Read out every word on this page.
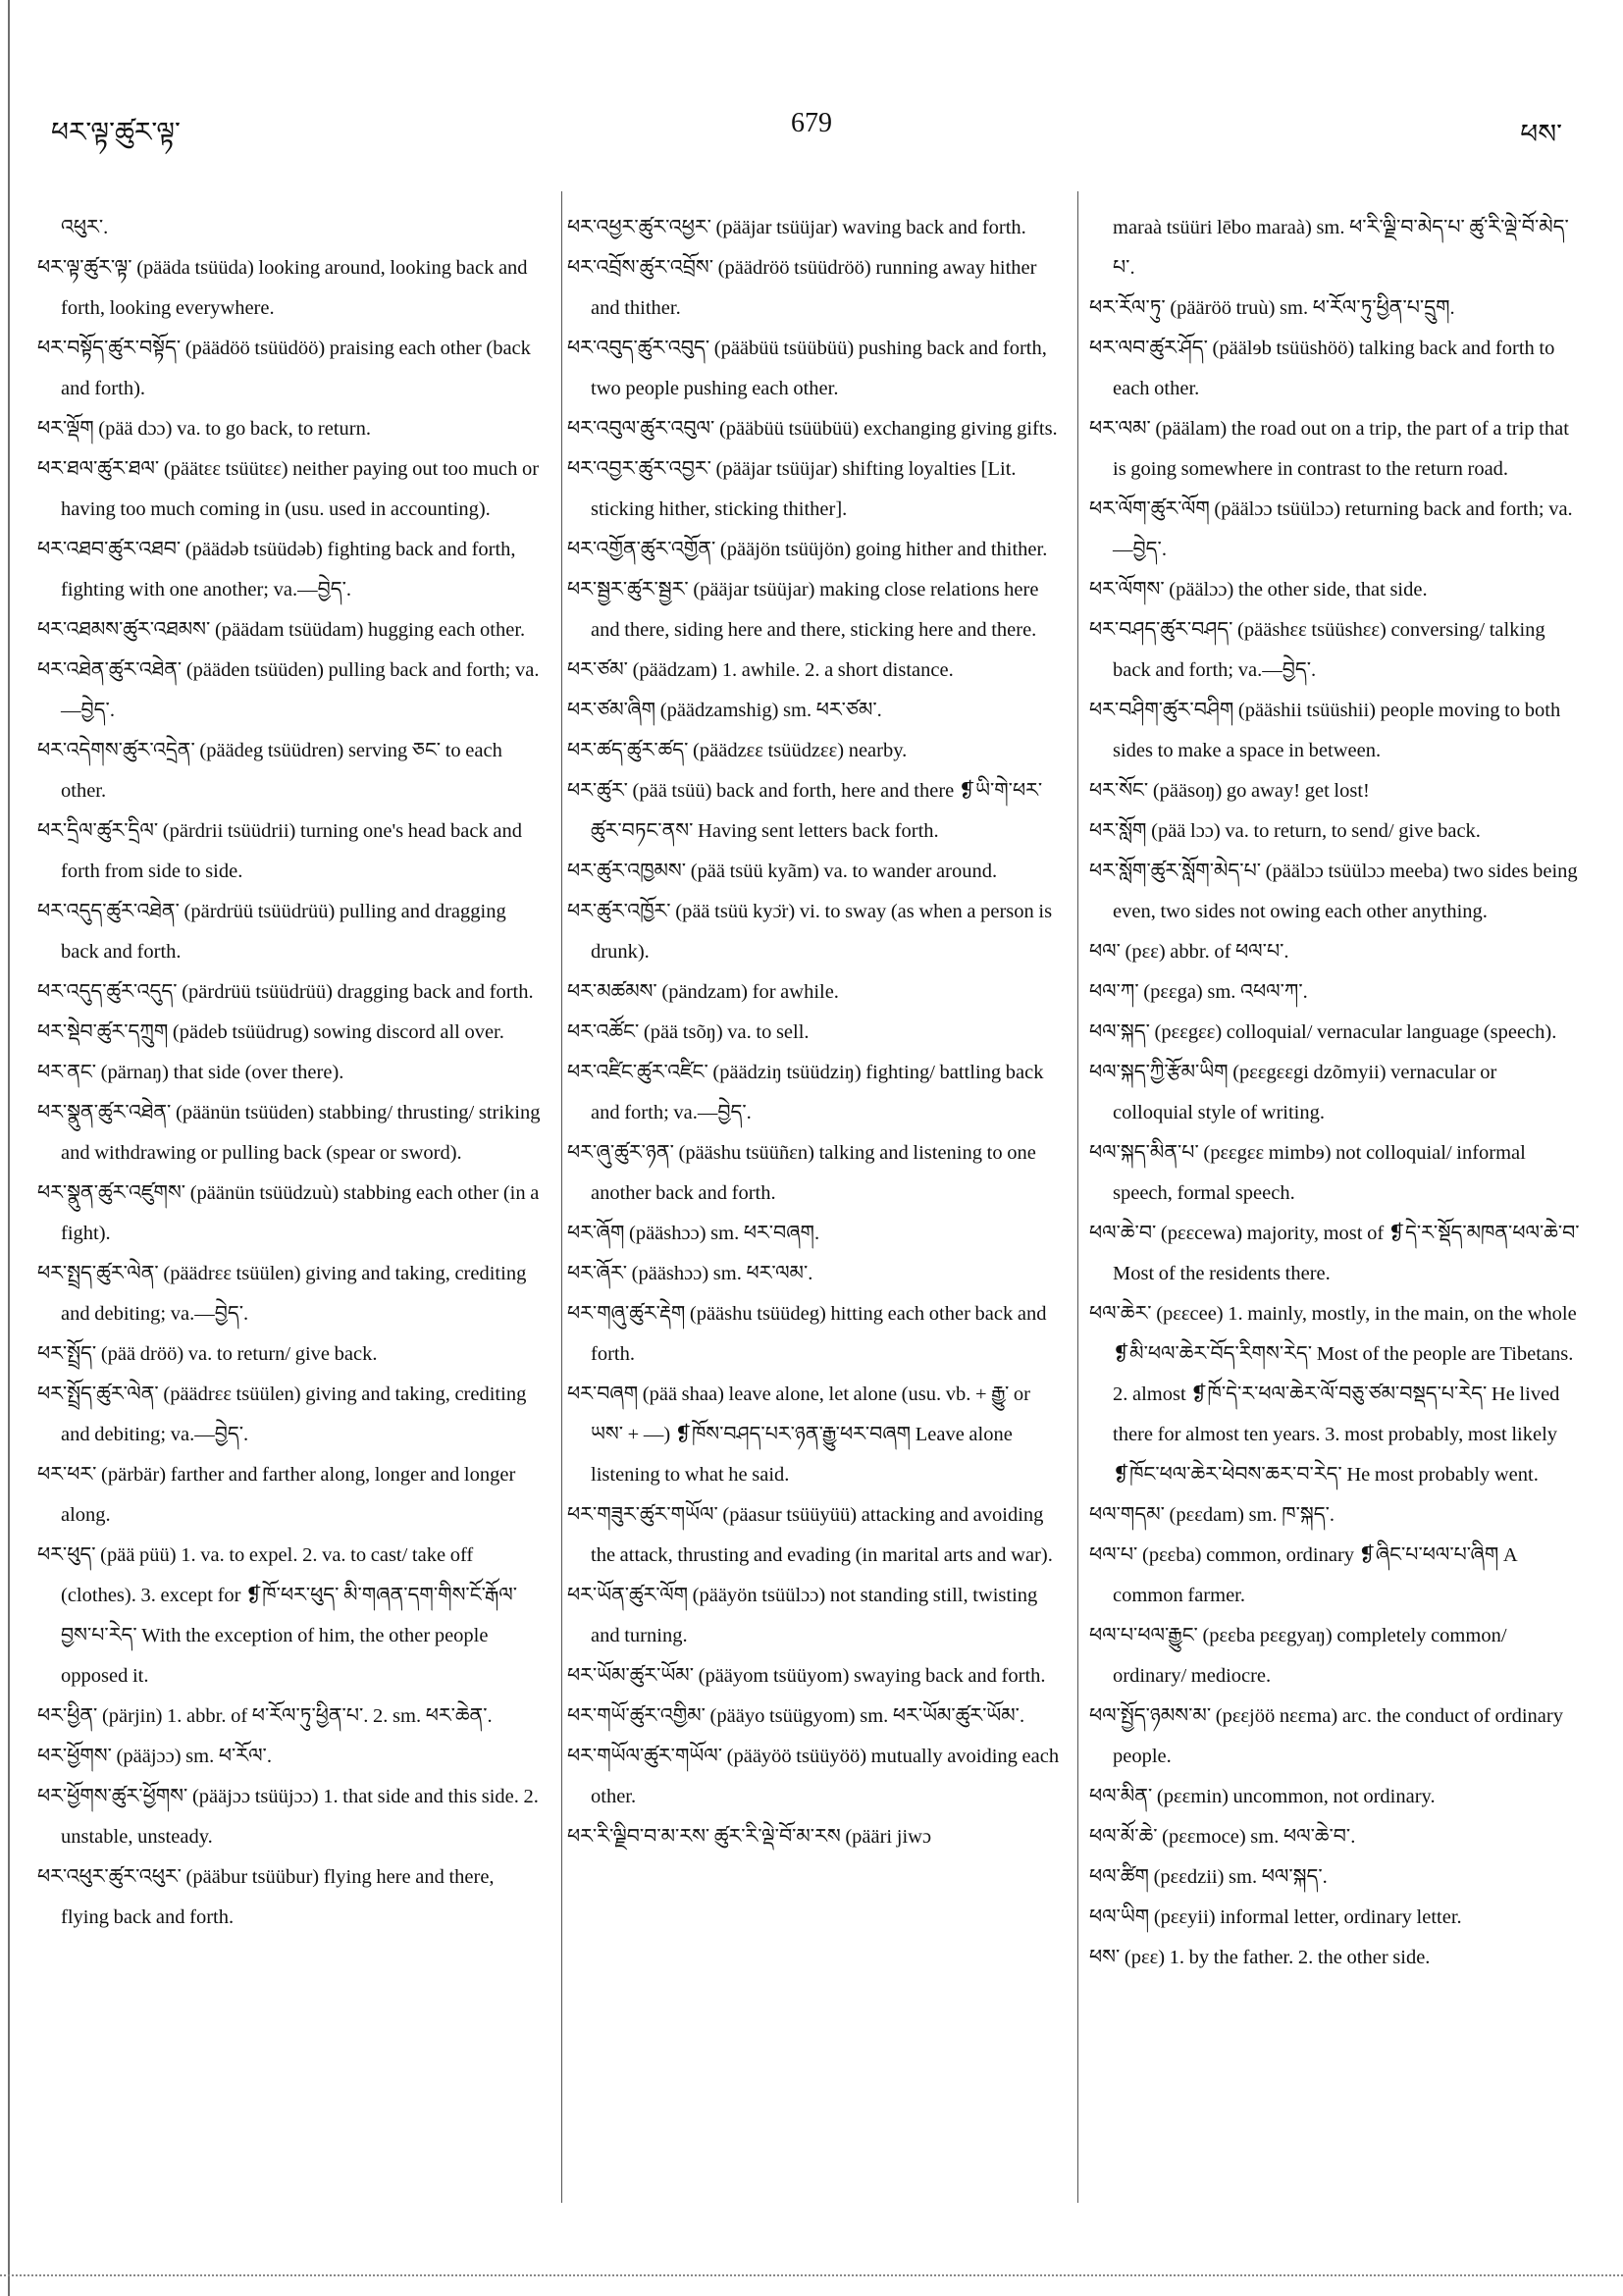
ཕར་ལྟ་ཚུར་ལྟ་	679	ཕས་

འཕུར་.

ཕར་ལྟ་ཚུར་ལྟ་ (pääda tsüüda) looking around, looking back and forth, looking everywhere.

ཕར་བསྟོད་ཚུར་བསྟོད་ (päädöö tsüüdöö) praising each other (back and forth).

ཕར་ལྡོག (pää dɔɔ) va. to go back, to return.

ཕར་ཐལ་ཚུར་ཐལ་ (päätɛɛ tsüütɛɛ) neither paying out too much or having too much coming in (usu. used in accounting).

ཕར་འཐབ་ཚུར་འཐབ་ (päädəb tsüüdəb) fighting back and forth, fighting with one another; va.—བྱེད་.

ཕར་འཐམས་ཚུར་འཐམས་ (päädam tsüüdam) hugging each other.

ཕར་འཐེན་ཚུར་འཐེན་ (pääden tsüüden) pulling back and forth; va.—བྱེད་.

ཕར་འདེགས་ཚུར་འདྲེན་ (päädeg tsüüdren) serving ཅང་ to each other.

ཕར་དྲིལ་ཚུར་དྲིལ་ (pärdrii tsüüdrii) turning one's head back and forth from side to side.

ཕར་འདུད་ཚུར་འཐེན་ (pärdrüü tsüüdrüü) pulling and dragging back and forth.

ཕར་འདུད་ཚུར་འདུད་ (pärdrüü tsüüdrüü) dragging back and forth.

ཕར་སྡེབ་ཚུར་དཀྲུག (pädeb tsüüdrug) sowing discord all over.

ཕར་ནང་ (pärnaŋ) that side (over there).

ཕར་སྣུན་ཚུར་འཐེན་ (päänün tsüüden) stabbing/ thrusting/ striking and withdrawing or pulling back (spear or sword).

ཕར་སྣུན་ཚུར་འཛུགས་ (päänün tsüüdzuù) stabbing each other (in a fight).

ཕར་སྤྲད་ཚུར་ལེན་ (päädrɛɛ tsüülen) giving and taking, crediting and debiting; va.—བྱེད་.

ཕར་སྤྲོད་ (pää dröö) va. to return/ give back.

ཕར་སྤྲོད་ཚུར་ལེན་ (päädrɛɛ tsüülen) giving and taking, crediting and debiting; va.—བྱེད་.

ཕར་ཕར་ (pärbär) farther and farther along, longer and longer along.

ཕར་ཕུད་ (pää püü) 1. va. to expel. 2. va. to cast/ take off (clothes). 3. except for ❡ཁོ་ཕར་ཕུད་ མི་གཞན་དག་གིས་ངོ་རྒོལ་བྱས་པ་རེད་ With the exception of him, the other people opposed it.

ཕར་ཕྱིན་ (pärjin) 1. abbr. of ཕ་རོལ་ཏུ་ཕྱིན་པ་. 2. sm. ཕར་ཆེན་.

ཕར་ཕྱོགས་ (pääjɔɔ) sm. ཕ་རོལ་.

ཕར་ཕྱོགས་ཚུར་ཕྱོགས་ (pääjɔɔ tsüüjɔɔ) 1. that side and this side. 2. unstable, unsteady.

ཕར་འཕུར་ཚུར་འཕུར་ (pääbur tsüübur) flying here and there, flying back and forth.

ཕར་འཕྱར་ཚུར་འཕྱར་ (pääjar tsüüjar) waving back and forth.

ཕར་འབྲོས་ཚུར་འབྲོས་ (päädröö tsüüdröö) running away hither and thither.

ཕར་འབུད་ཚུར་འབུད་ (pääbüü tsüübüü) pushing back and forth, two people pushing each other.

ཕར་འབུལ་ཚུར་འབུལ་ (pääbüü tsüübüü) exchanging giving gifts.

ཕར་འབྱར་ཚུར་འབྱར་ (pääjar tsüüjar) shifting loyalties [Lit. sticking hither, sticking thither].

ཕར་འགྱོན་ཚུར་འགྱོན་ (pääjön tsüüjön) going hither and thither.

ཕར་སྦྱར་ཚུར་སྦྱར་ (pääjar tsüüjar) making close relations here and there, siding here and there, sticking here and there.

ཕར་ཙམ་ (päädzam) 1. awhile. 2. a short distance.

ཕར་ཙམ་ཞིག (päädzamshig) sm. ཕར་ཙམ་.

ཕར་ཚད་ཚུར་ཚད་ (päädzɛɛ tsüüdzɛɛ) nearby.

ཕར་ཚུར་ (pää tsüü) back and forth, here and there ❡ཡི་གེ་ཕར་ཚུར་བཏང་ནས་ Having sent letters back forth.

ཕར་ཚུར་འཁྱམས་ (pää tsüü kyãm) va. to wander around.

ཕར་ཚུར་འཁྱོར་ (pää tsüü kyɔ̈r) vi. to sway (as when a person is drunk).

ཕར་མཚམས་ (pändzam) for awhile.

ཕར་འཚོང་ (pää tsõŋ) va. to sell.

ཕར་འཛིང་ཚུར་འཛིང་ (päädziŋ tsüüdziŋ) fighting/ battling back and forth; va.—བྱེད་.

ཕར་ཞུ་ཚུར་ཉན་ (pääshu tsüüñɛn) talking and listening to one another back and forth.

ཕར་ཞོག (pääshɔɔ) sm. ཕར་བཞག.

ཕར་ཞོར་ (pääshɔɔ) sm. ཕར་ལམ་.

ཕར་གཞུ་ཚུར་རྡེག (pääshu tsüüdeg) hitting each other back and forth.

ཕར་བཞག (pää shaa) leave alone, let alone (usu. vb. + རྒྱུ་ or ཡས་ + —) ❡ཁོས་བཤད་པར་ཉན་རྒྱུ་ཕར་བཞག Leave alone listening to what he said.

ཕར་གཟུར་ཚུར་གཡོལ་ (päasur tsüüyüü) attacking and avoiding the attack, thrusting and evading (in marital arts and war).

ཕར་ཡོན་ཚུར་ལོག (pääyön tsüülɔɔ) not standing still, twisting and turning.

ཕར་ཡོམ་ཚུར་ཡོམ་ (pääyom tsüüyom) swaying back and forth.

ཕར་གཡོ་ཚུར་འགྱིམ་ (pääyo tsüügyom) sm. ཕར་ཡོམ་ཚུར་ཡོམ་.

ཕར་གཡོལ་ཚུར་གཡོལ་ (pääyöö tsüüyöö) mutually avoiding each other.

ཕར་རི་ལྗིབ་བ་མ་རས་ ཚུར་རི་ལྡེ་བོ་མ་རས (pääri jiwɔ

maraà tsüüri lēbo maraà) sm. ཕ་རི་ལྗི་བ་མེད་པ་ ཚུ་རི་ལྡེ་བོ་མེད་པ་.

ཕར་རོལ་ཏུ་ (pääröö truù) sm. ཕ་རོལ་ཏུ་ཕྱིན་པ་དྲུག.

ཕར་ལབ་ཚུར་ཤོད་ (päälɘb tsüüshöö) talking back and forth to each other.

ཕར་ལམ་ (päälam) the road out on a trip, the part of a trip that is going somewhere in contrast to the return road.

ཕར་ལོག་ཚུར་ལོག (päälɔɔ tsüülɔɔ) returning back and forth; va.—བྱེད་.

ཕར་ལོགས་ (päälɔɔ) the other side, that side.

ཕར་བཤད་ཚུར་བཤད་ (pääshɛɛ tsüüshɛɛ) conversing/ talking back and forth; va.—བྱེད་.

ཕར་བཤིག་ཚུར་བཤིག (pääshii tsüüshii) people moving to both sides to make a space in between.

ཕར་སོང་ (pääsoŋ) go away! get lost!

ཕར་སློག (pää lɔɔ) va. to return, to send/ give back.

ཕར་སློག་ཚུར་སློག་མེད་པ་ (päälɔɔ tsüülɔɔ meeba) two sides being even, two sides not owing each other anything.

ཕལ་ (pɛɛ) abbr. of ཕལ་པ་.

ཕལ་ཀ་ (pɛɛga) sm. འཕལ་ཀ་.

ཕལ་སྐད་ (pɛɛgɛɛ) colloquial/ vernacular language (speech).

ཕལ་སྐད་ཀྱི་རྩོམ་ཡིག (pɛɛgɛɛgi dzõmyii) vernacular or colloquial style of writing.

ཕལ་སྐད་མིན་པ་ (pɛɛgɛɛ mimbɘ) not colloquial/ informal speech, formal speech.

ཕལ་ཆེ་བ་ (pɛɛcewa) majority, most of ❡དེ་ར་སྡོད་མཁན་ཕལ་ཆེ་བ་ Most of the residents there.

ཕལ་ཆེར་ (pɛɛcee) 1. mainly, mostly, in the main, on the whole ❡མི་ཕལ་ཆེར་བོད་རིགས་རེད་ Most of the people are Tibetans. 2. almost ❡ཁོ་དེ་ར་ཕལ་ཆེར་ལོ་བཅུ་ཙམ་བསྡད་པ་རེད་ He lived there for almost ten years. 3. most probably, most likely ❡ཁོང་ཕལ་ཆེར་ཕེབས་ཆར་བ་རེད་ He most probably went.

ཕལ་གདམ་ (pɛɛdam) sm. ཁ་སྐད་.

ཕལ་པ་ (pɛɛba) common, ordinary ❡ཞིང་པ་ཕལ་པ་ཞིག A common farmer.

ཕལ་པ་ཕལ་རྒྱུང་ (pɛɛba pɛɛgyaŋ) completely common/ ordinary/ mediocre.

ཕལ་སྤྱོད་ཉམས་མ་ (pɛɛjöö nɛɛma) arc. the conduct of ordinary people.

ཕལ་མིན་ (pɛɛmin) uncommon, not ordinary.

ཕལ་མོ་ཆེ་ (pɛɛmoce) sm. ཕལ་ཆེ་བ་.

ཕལ་ཚིག (pɛɛdzii) sm. ཕལ་སྐད་.

ཕལ་ཡིག (pɛɛyii) informal letter, ordinary letter.

ཕས་ (pɛɛ) 1. by the father. 2. the other side.
